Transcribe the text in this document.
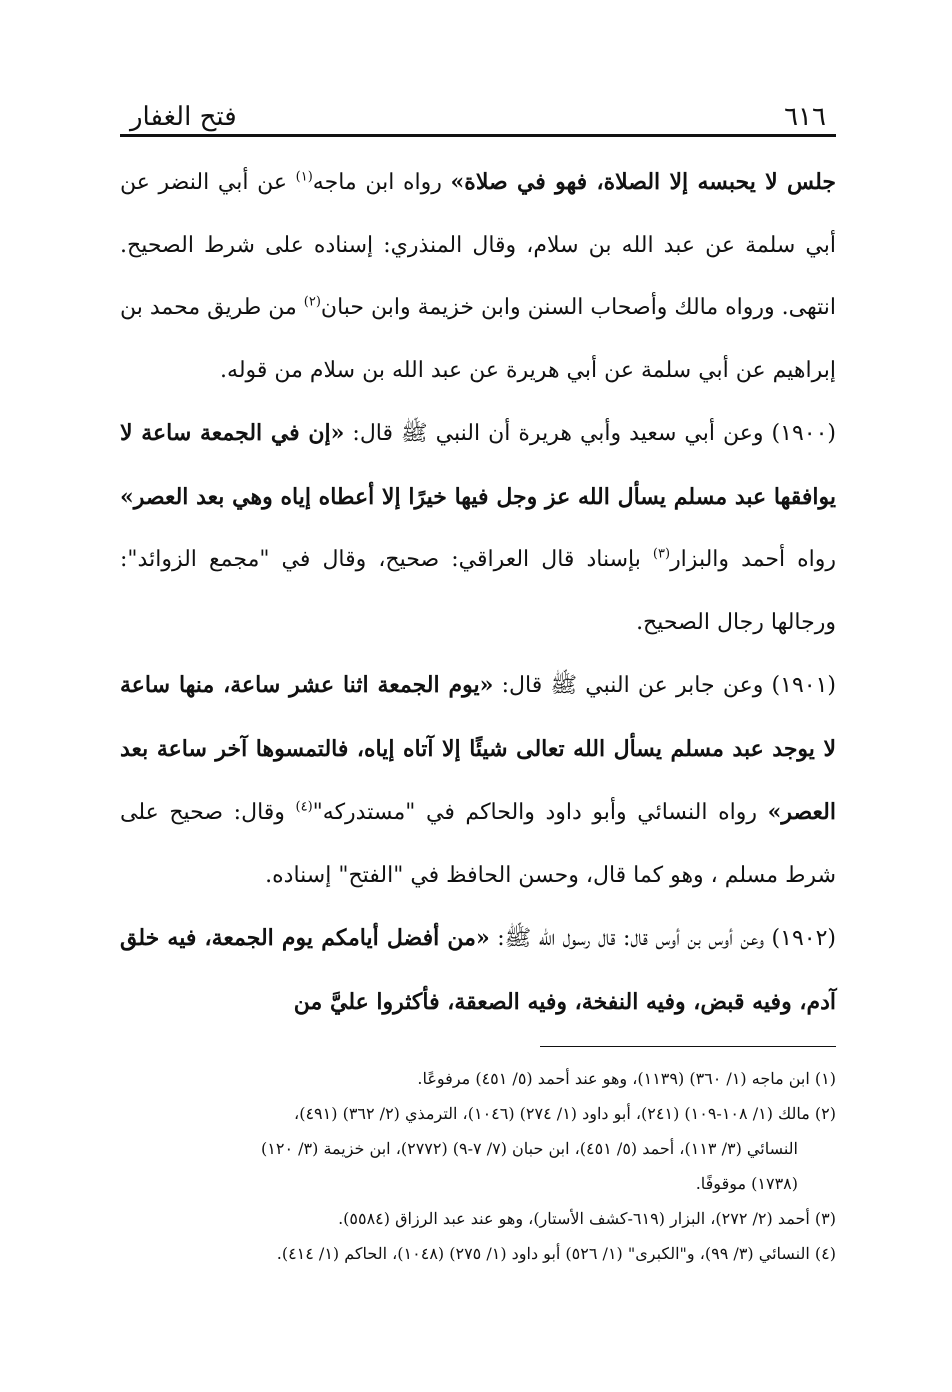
٦١٦
فتح الغفار

جلس لا يحبسه إلا الصلاة، فهو في صلاة» رواه ابن ماجه$^{(١)}$ عن أبي النضر عن أبي سلمة عن عبد الله بن سلام، وقال المنذري: إسناده على شرط الصحيح. انتهى. ورواه مالك وأصحاب السنن وابن خزيمة وابن حبان$^{(٢)}$ من طريق محمد بن إبراهيم عن أبي سلمة عن أبي هريرة عن عبد الله بن سلام من قوله.

(١٩٠٠) وعن أبي سعيد وأبي هريرة أن النبي ﷺ قال: «إن في الجمعة ساعة لا يوافقها عبد مسلم يسأل الله عز وجل فيها خيرًا إلا أعطاه إياه وهي بعد العصر» رواه أحمد والبزار$^{(٣)}$ بإسناد قال العراقي: صحيح، وقال في "مجمع الزوائد": ورجالها رجال الصحيح.

(١٩٠١) وعن جابر عن النبي ﷺ قال: «يوم الجمعة اثنا عشر ساعة، منها ساعة لا يوجد عبد مسلم يسأل الله تعالى شيئًا إلا آتاه إياه، فالتمسوها آخر ساعة بعد العصر» رواه النسائي وأبو داود والحاكم في "مستدركه"$^{(٤)}$ وقال: صحيح على شرط مسلم ، وهو كما قال، وحسن الحافظ في "الفتح" إسناده.

(١٩٠٢) وعن أوس بن أوس قال: قال رسول الله ﷺ: «من أفضل أيامكم يوم الجمعة، فيه خلق آدم، وفيه قبض، وفيه النفخة، وفيه الصعقة، فأكثروا عليَّ من

(١) ابن ماجه (١/ ٣٦٠) (١١٣٩)، وهو عند أحمد (٥/ ٤٥١) مرفوعًا.

(٢) مالك (١/ ١٠٨-١٠٩) (٢٤١)، أبو داود (١/ ٢٧٤) (١٠٤٦)، الترمذي (٢/ ٣٦٢) (٤٩١)،

النسائي (٣/ ١١٣)، أحمد (٥/ ٤٥١)، ابن حبان (٧/ ٧-٩) (٢٧٧٢)، ابن خزيمة (٣/ ١٢٠)

(١٧٣٨) موقوفًا.

(٣) أحمد (٢/ ٢٧٢)، البزار (٦١٩-كشف الأستار)، وهو عند عبد الرزاق (٥٥٨٤).

(٤) النسائي (٣/ ٩٩)، و"الكبرى" (١/ ٥٢٦) أبو داود (١/ ٢٧٥) (١٠٤٨)، الحاكم (١/ ٤١٤).
